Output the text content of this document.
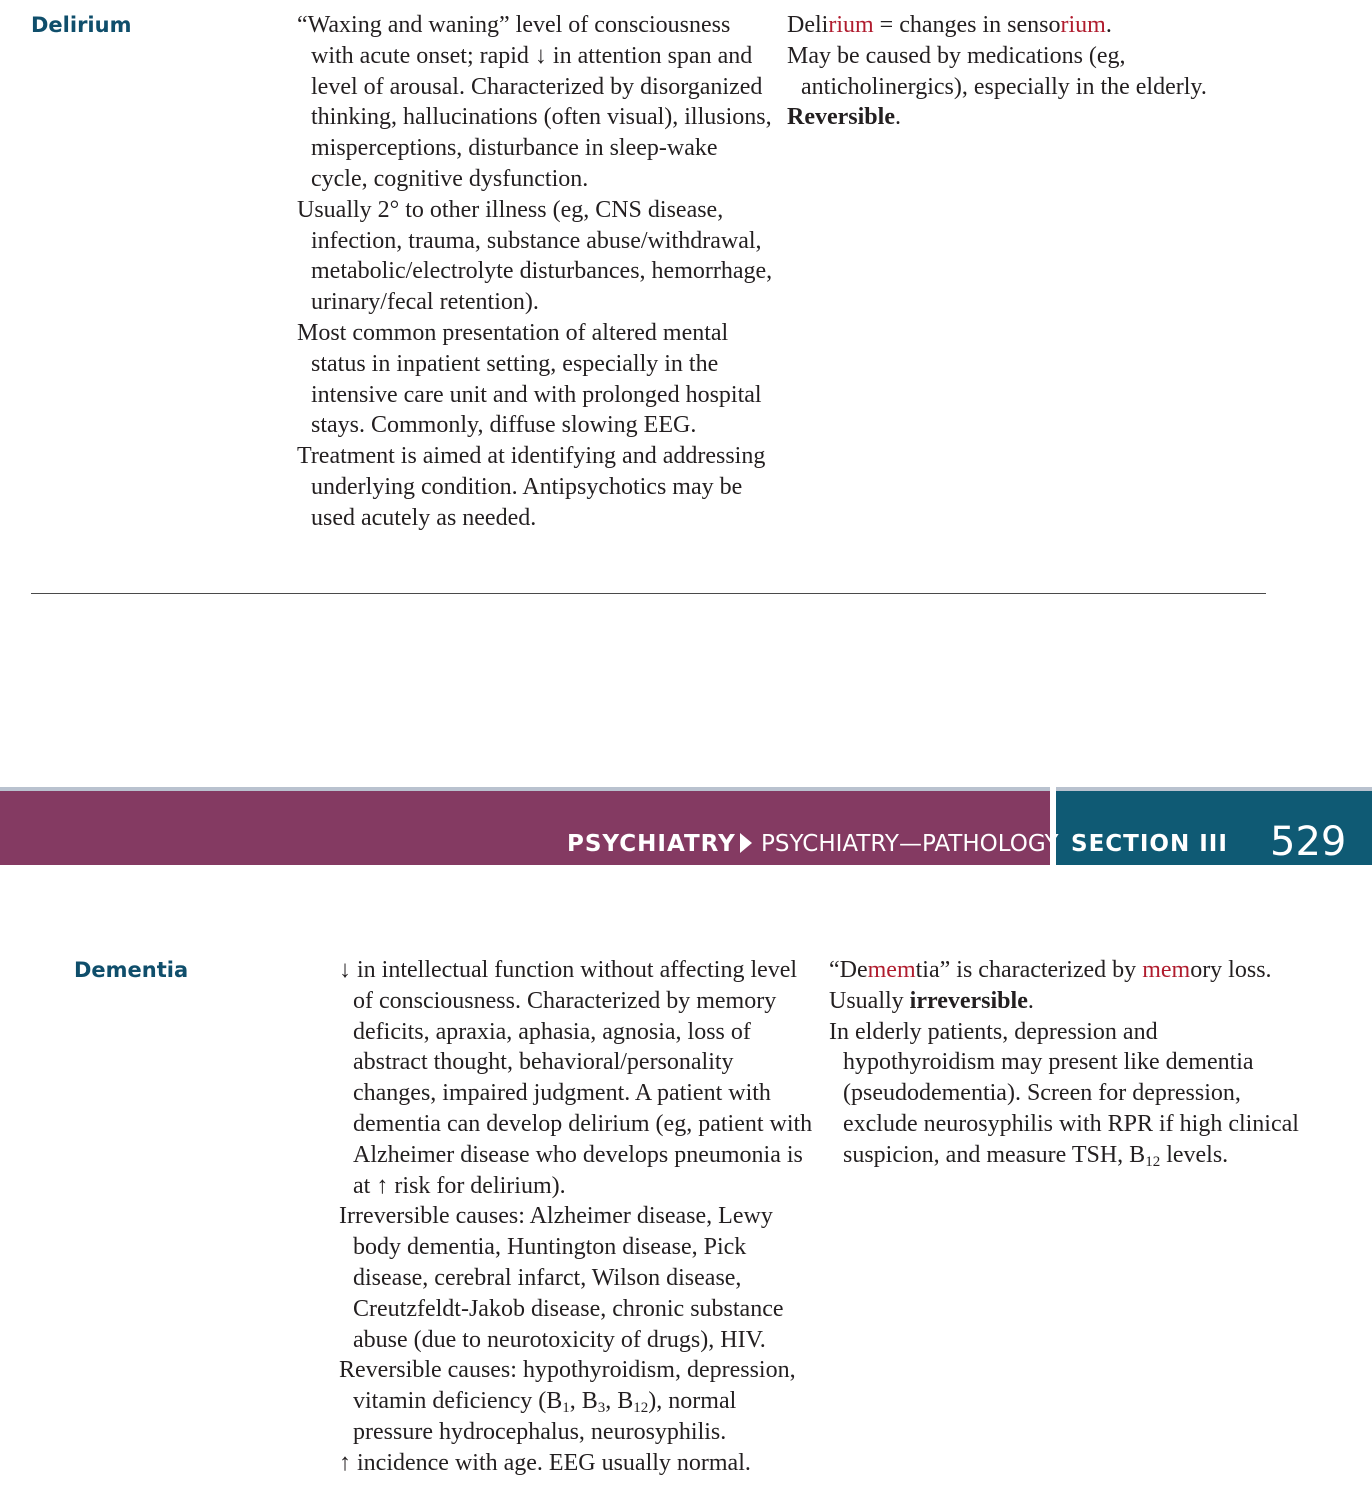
Delirium	“Waxing and waning” level of consciousness with acute onset; rapid ↓ in attention span and level of arousal. Characterized by disorganized thinking, hallucinations (often visual), illusions, misperceptions, disturbance in sleep-wake cycle, cognitive dysfunction.
Usually 2° to other illness (eg, CNS disease, infection, trauma, substance abuse/withdrawal, metabolic/electrolyte disturbances, hemorrhage, urinary/fecal retention).
Most common presentation of altered mental status in inpatient setting, especially in the intensive care unit and with prolonged hospital stays. Commonly, diffuse slowing EEG.
Treatment is aimed at identifying and addressing underlying condition. Antipsychotics may be used acutely as needed.
Delirium = changes in sensorium.
May be caused by medications (eg, anticholinergics), especially in the elderly.
Reversible.
PSYCHIATRY PSYCHIATRY—PATHOLOGY SECTION III 529
Dementia	↓ in intellectual function without affecting level of consciousness. Characterized by memory deficits, apraxia, aphasia, agnosia, loss of abstract thought, behavioral/personality changes, impaired judgment. A patient with dementia can develop delirium (eg, patient with Alzheimer disease who develops pneumonia is at ↑ risk for delirium).
Irreversible causes: Alzheimer disease, Lewy body dementia, Huntington disease, Pick disease, cerebral infarct, Wilson disease, Creutzfeldt-Jakob disease, chronic substance abuse (due to neurotoxicity of drugs), HIV.
Reversible causes: hypothyroidism, depression, vitamin deficiency ($B_1$, $B_3$, $B_{12}$), normal pressure hydrocephalus, neurosyphilis.
↑ incidence with age. EEG usually normal.
“Dememtia” is characterized by memory loss.
Usually irreversible.
In elderly patients, depression and hypothyroidism may present like dementia (pseudodementia). Screen for depression, exclude neurosyphilis with RPR if high clinical suspicion, and measure TSH, $B_{12}$ levels.
